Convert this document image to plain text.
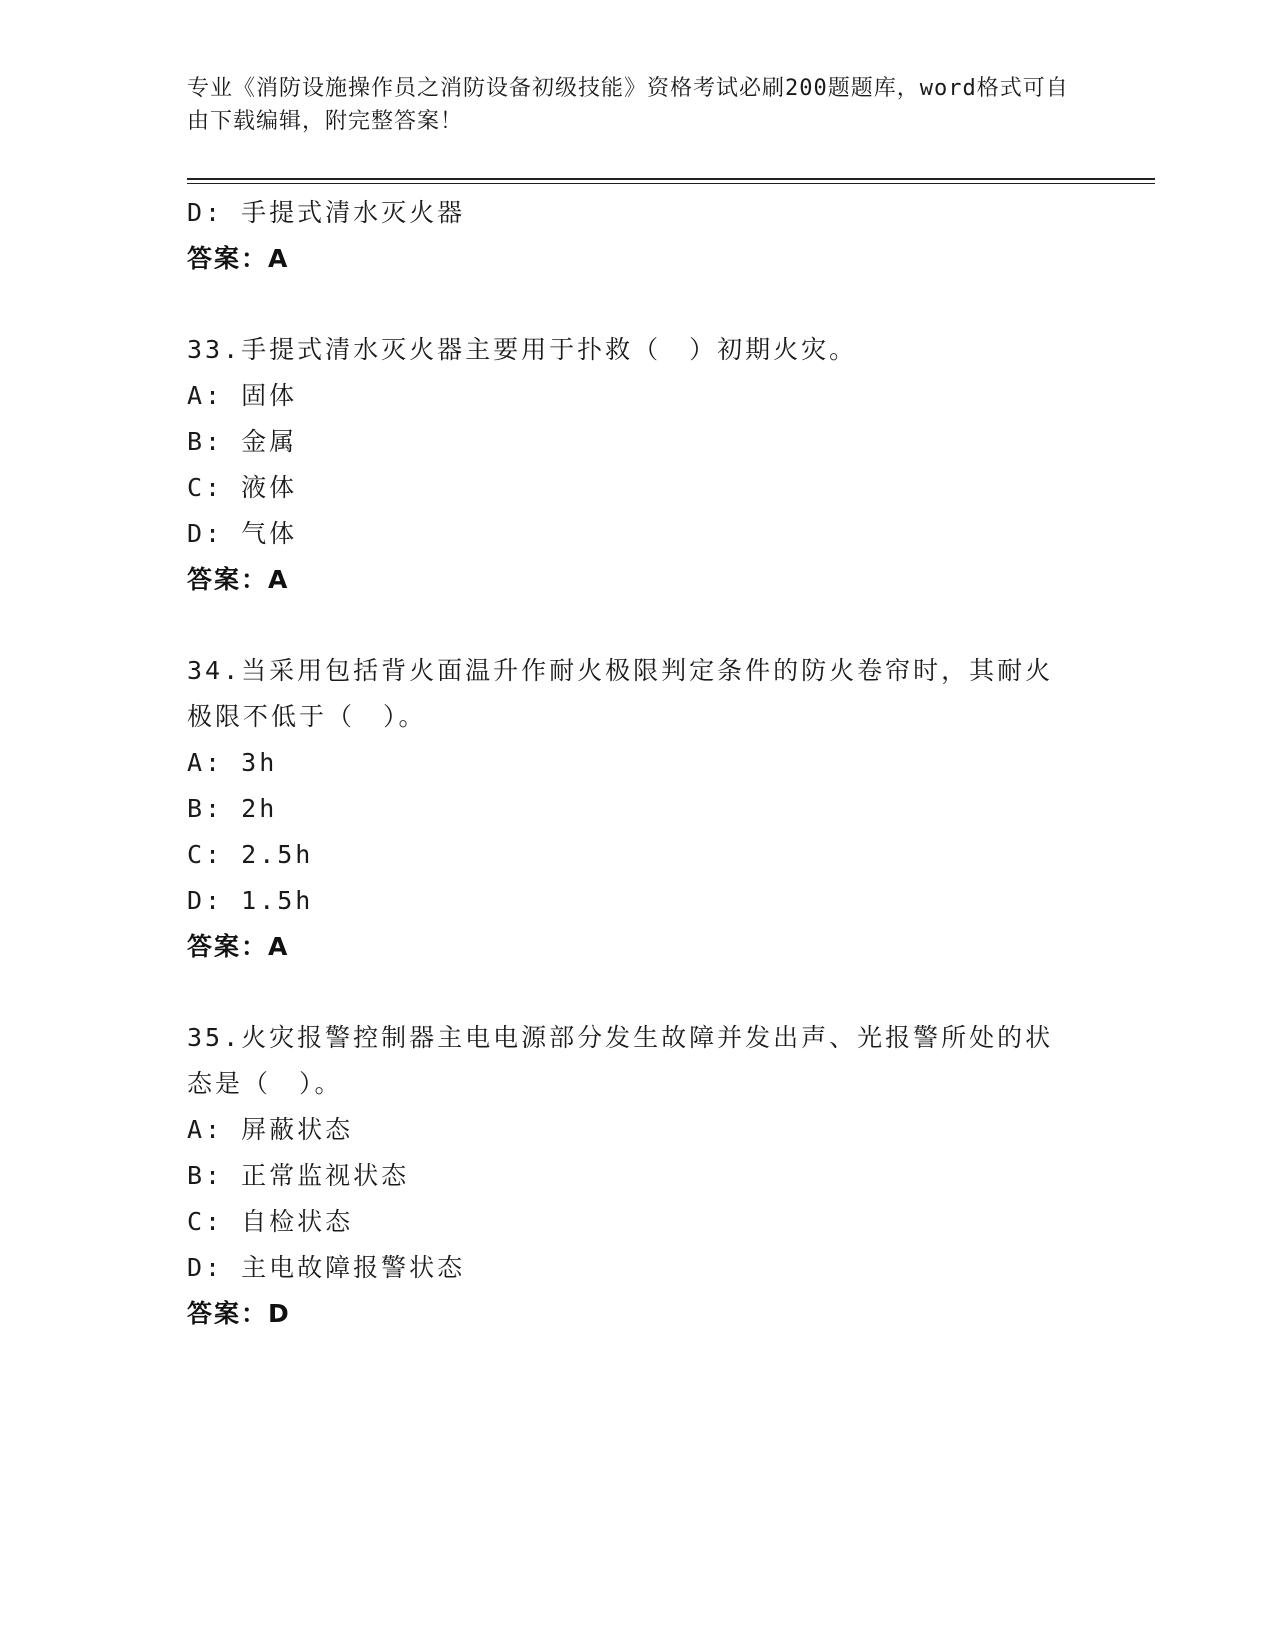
专业《消防设施操作员之消防设备初级技能》资格考试必刷200题题库，word格式可自由下载编辑，附完整答案！
D: 手提式清水灭火器
答案：A
33.手提式清水灭火器主要用于扑救（　）初期火灾。
A: 固体
B: 金属
C: 液体
D: 气体
答案：A
34.当采用包括背火面温升作耐火极限判定条件的防火卷帘时，其耐火极限不低于（　）。
A: 3h
B: 2h
C: 2.5h
D: 1.5h
答案：A
35.火灾报警控制器主电电源部分发生故障并发出声、光报警所处的状态是（　）。
A: 屏蔽状态
B: 正常监视状态
C: 自检状态
D: 主电故障报警状态
答案：D
